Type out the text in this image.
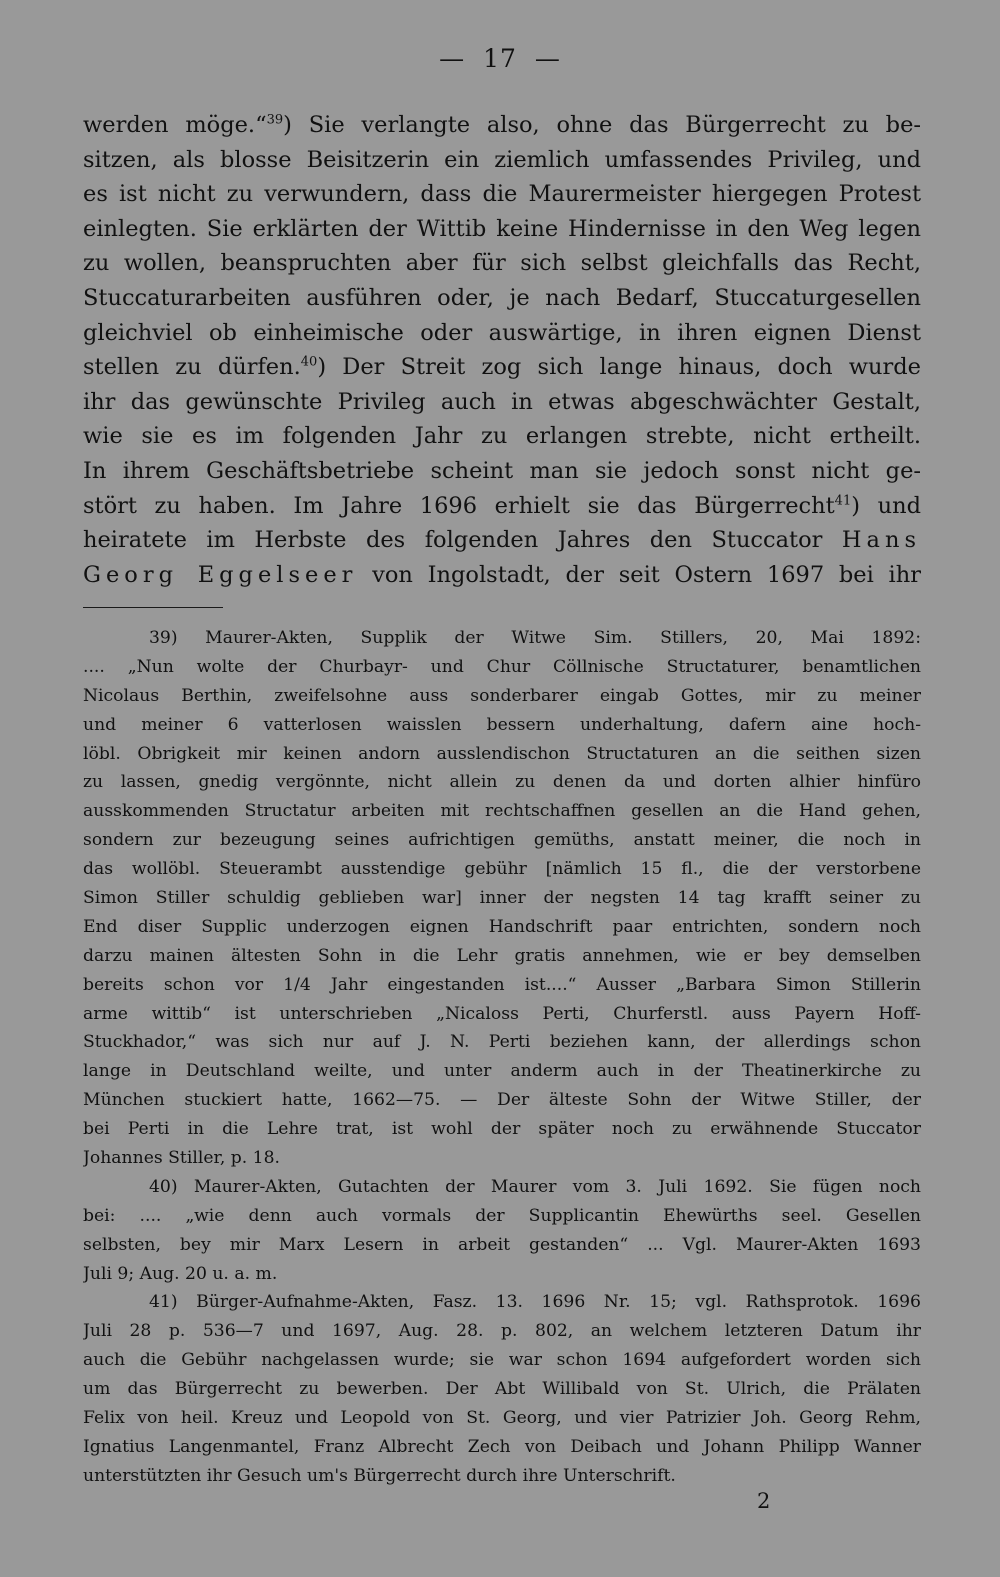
— 17 —
werden möge.“$^{39}$) Sie verlangte also, ohne das Bürgerrecht zu be-
sitzen, als blosse Beisitzerin ein ziemlich umfassendes Privileg, und
es ist nicht zu verwundern, dass die Maurermeister hiergegen Protest
einlegten. Sie erklärten der Wittib keine Hindernisse in den Weg legen
zu wollen, beanspruchten aber für sich selbst gleichfalls das Recht,
Stuccaturarbeiten ausführen oder, je nach Bedarf, Stuccaturgesellen
gleichviel ob einheimische oder auswärtige, in ihren eignen Dienst
stellen zu dürfen.$^{40}$) Der Streit zog sich lange hinaus, doch wurde
ihr das gewünschte Privileg auch in etwas abgeschwächter Gestalt,
wie sie es im folgenden Jahr zu erlangen strebte, nicht ertheilt.
In ihrem Geschäftsbetriebe scheint man sie jedoch sonst nicht ge-
stört zu haben. Im Jahre 1696 erhielt sie das Bürgerrecht$^{41}$) und
heiratete im Herbste des folgenden Jahres den Stuccator Hans
Georg Eggelseer von Ingolstadt, der seit Ostern 1697 bei ihr
39) Maurer-Akten, Supplik der Witwe Sim. Stillers, 20, Mai 1892:
.... „Nun wolte der Churbayr- und Chur Cöllnische Structaturer, benamtlichen
Nicolaus Berthin, zweifelsohne auss sonderbarer eingab Gottes, mir zu meiner
und meiner 6 vatterlosen waisslen bessern underhaltung, dafern aine hoch-
löbl. Obrigkeit mir keinen andorn ausslendischon Structaturen an die seithen sizen
zu lassen, gnedig vergönnte, nicht allein zu denen da und dorten alhier hinfüro
ausskommenden Structatur arbeiten mit rechtschaffnen gesellen an die Hand gehen,
sondern zur bezeugung seines aufrichtigen gemüths, anstatt meiner, die noch in
das wollöbl. Steuerambt ausstendige gebühr [nämlich 15 fl., die der verstorbene
Simon Stiller schuldig geblieben war] inner der negsten 14 tag krafft seiner zu
End diser Supplic underzogen eignen Handschrift paar entrichten, sondern noch
darzu mainen ältesten Sohn in die Lehr gratis annehmen, wie er bey demselben
bereits schon vor 1/4 Jahr eingestanden ist....“ Ausser „Barbara Simon Stillerin
arme wittib“ ist unterschrieben „Nicaloss Perti, Churferstl. auss Payern Hoff-
Stuckhador,“ was sich nur auf J. N. Perti beziehen kann, der allerdings schon
lange in Deutschland weilte, und unter anderm auch in der Theatinerkirche zu
München stuckiert hatte, 1662—75. — Der älteste Sohn der Witwe Stiller, der
bei Perti in die Lehre trat, ist wohl der später noch zu erwähnende Stuccator
Johannes Stiller, p. 18.
40) Maurer-Akten, Gutachten der Maurer vom 3. Juli 1692. Sie fügen noch
bei: .... „wie denn auch vormals der Supplicantin Ehewürths seel. Gesellen
selbsten, bey mir Marx Lesern in arbeit gestanden“ ... Vgl. Maurer-Akten 1693
Juli 9; Aug. 20 u. a. m.
41) Bürger-Aufnahme-Akten, Fasz. 13. 1696 Nr. 15; vgl. Rathsprotok. 1696
Juli 28 p. 536—7 und 1697, Aug. 28. p. 802, an welchem letzteren Datum ihr
auch die Gebühr nachgelassen wurde; sie war schon 1694 aufgefordert worden sich
um das Bürgerrecht zu bewerben. Der Abt Willibald von St. Ulrich, die Prälaten
Felix von heil. Kreuz und Leopold von St. Georg, und vier Patrizier Joh. Georg Rehm,
Ignatius Langenmantel, Franz Albrecht Zech von Deibach und Johann Philipp Wanner
unterstützten ihr Gesuch um's Bürgerrecht durch ihre Unterschrift.
2
